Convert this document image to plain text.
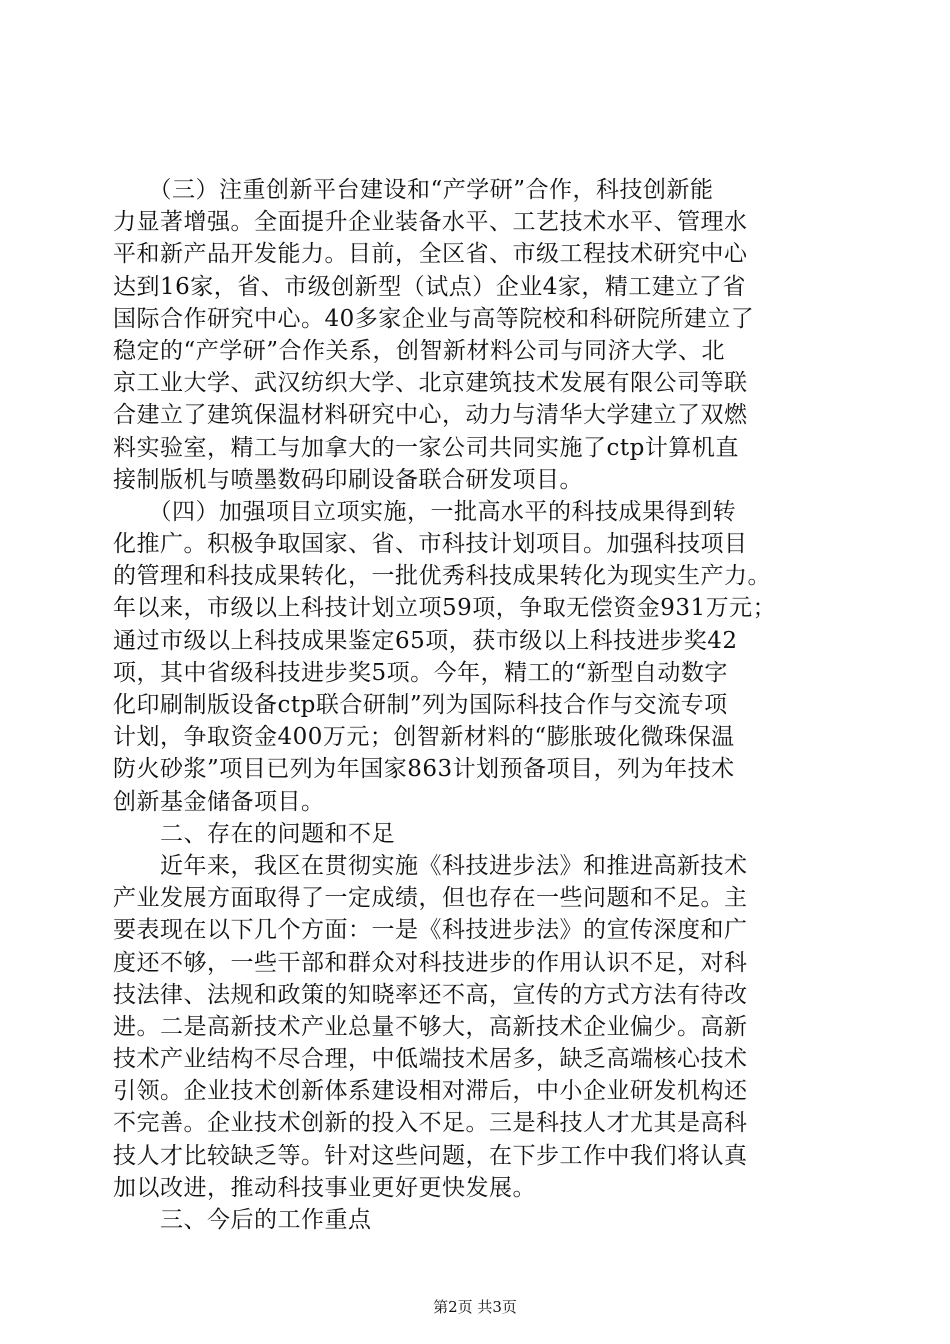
　　（三）注重创新平台建设和“产学研”合作，科技创新能
力显著增强。全面提升企业装备水平、工艺技术水平、管理水
平和新产品开发能力。目前，全区省、市级工程技术研究中心
达到16家，省、市级创新型（试点）企业4家，精工建立了省
国际合作研究中心。40多家企业与高等院校和科研院所建立了
稳定的“产学研”合作关系，创智新材料公司与同济大学、北
京工业大学、武汉纺织大学、北京建筑技术发展有限公司等联
合建立了建筑保温材料研究中心，动力与清华大学建立了双燃
料实验室，精工与加拿大的一家公司共同实施了ctp计算机直
接制版机与喷墨数码印刷设备联合研发项目。
　　（四）加强项目立项实施，一批高水平的科技成果得到转
化推广。积极争取国家、省、市科技计划项目。加强科技项目
的管理和科技成果转化，一批优秀科技成果转化为现实生产力。
年以来，市级以上科技计划立项59项，争取无偿资金931万元；
通过市级以上科技成果鉴定65项，获市级以上科技进步奖42
项，其中省级科技进步奖5项。今年，精工的“新型自动数字
化印刷制版设备ctp联合研制”列为国际科技合作与交流专项
计划，争取资金400万元；创智新材料的“膨胀玻化微珠保温
防火砂浆”项目已列为年国家863计划预备项目，列为年技术
创新基金储备项目。
　　二、存在的问题和不足
　　近年来，我区在贯彻实施《科技进步法》和推进高新技术
产业发展方面取得了一定成绩，但也存在一些问题和不足。主
要表现在以下几个方面：一是《科技进步法》的宣传深度和广
度还不够，一些干部和群众对科技进步的作用认识不足，对科
技法律、法规和政策的知晓率还不高，宣传的方式方法有待改
进。二是高新技术产业总量不够大，高新技术企业偏少。高新
技术产业结构不尽合理，中低端技术居多，缺乏高端核心技术
引领。企业技术创新体系建设相对滞后，中小企业研发机构还
不完善。企业技术创新的投入不足。三是科技人才尤其是高科
技人才比较缺乏等。针对这些问题，在下步工作中我们将认真
加以改进，推动科技事业更好更快发展。
　　三、今后的工作重点
第2页 共3页
